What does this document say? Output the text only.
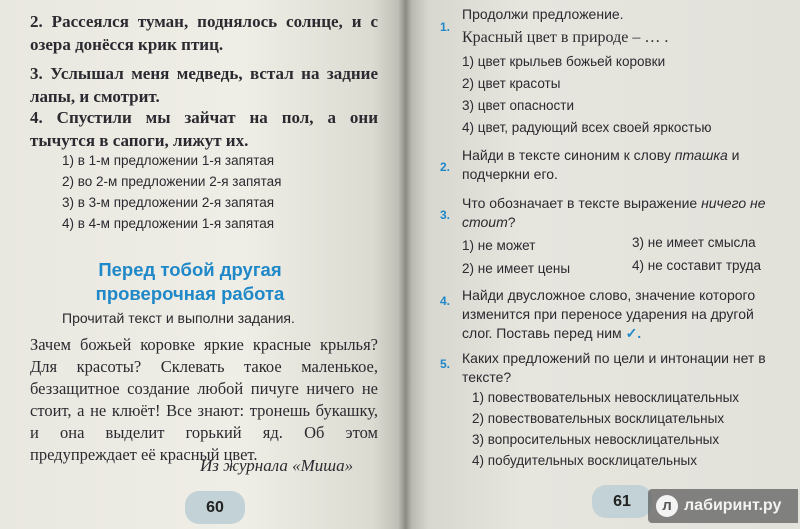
2. Рассеялся туман, поднялось солнце, и с озера донёсся крик птиц.
3. Услышал меня медведь, встал на задние лапы, и смотрит.
4. Спустили мы зайчат на пол, а они тычутся в сапоги, лижут их.
1) в 1-м предложении 1-я запятая
2) во 2-м предложении 2-я запятая
3) в 3-м предложении 2-я запятая
4) в 4-м предложении 1-я запятая
Перед тобой другая
проверочная работа
Прочитай текст и выполни задания.
Зачем божьей коровке яркие красные крылья? Для красоты? Склевать такое маленькое, беззащитное создание любой пичуге ничего не стоит, а не клюёт! Все знают: тронешь букашку, и она выделит горький яд. Об этом предупреждает её красный цвет.
Из журнала «Миша»
60
1.
Продолжи предложение.
Красный цвет в природе – … .
1) цвет крыльев божьей коровки
2) цвет красоты
3) цвет опасности
4) цвет, радующий всех своей яркостью
2.
Найди в тексте синоним к слову пташка и подчеркни его.
3.
Что обозначает в тексте выражение ничего не стоит?
1) не может
2) не имеет цены
3) не имеет смысла
4) не составит труда
4. Найди двусложное слово, значение которого изменится при переносе ударения на другой слог. Поставь перед ним ✓.
5. Каких предложений по цели и интонации нет в тексте?
1) повествовательных невосклицательных
2) повествовательных восклицательных
3) вопросительных невосклицательных
4) побудительных восклицательных
61	л лабиринт.ру
